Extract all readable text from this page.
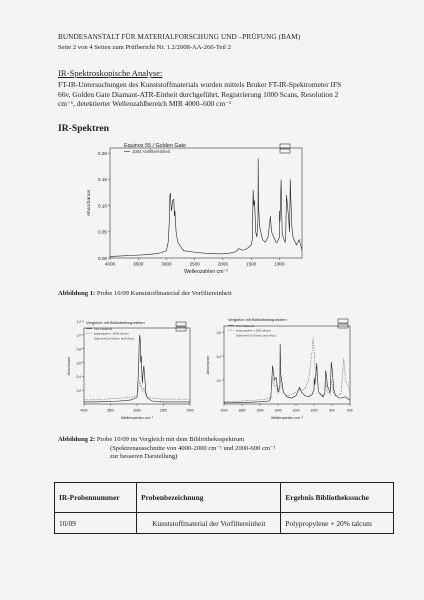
BUNDESANSTALT FÜR MATERIALFORSCHUNG UND –PRÜFUNG (BAM)
Seite 2 von 4 Seiten zum Prüfbericht Nr. 1.2/2008-AA-266-Teil 2
IR-Spektroskopische Analyse:
FT-IR-Untersuchungen des Kunststoffmaterials wurden mittels Bruker FT-IR-Spektrometer IFS 66v, Golden Gate Diamant-ATR-Einheit durchgeführt, Registrierung 1000 Scans, Resolution 2 cm⁻¹, detektierter Wellenzahlbereich MIR 4000–600 cm⁻¹
IR-Spektren
4000	3500	3000	2500	2000	1500	1000
0.00
0.05
0.10
0.15
0.20
Wellenzahlen cm⁻¹
Absorbance
Equinox 55 / Golden Gate
1004 Vorfiltereinheit
Abbildung 1: Probe 10/09 Kunststoffmaterial der Vorfiltereinheit
4000	3500	3000	2500	2000
1.2
1.0
0.8
0.6
0.4
0.2
Wellenzahlen cm⁻¹
Absorbance
Vergleich mit Bibliotheksspektren
Teil: Kollateral
polypropylen + 20% talcum
(Sammel-Lib./Kunst. and Verp.)
2000	1800	1600	1400	1200	1000	800	600
0.6
0.4
0.2
Wellenzahlen cm⁻¹
Absorbance
Vergleich mit Bibliotheksspektren
Teil: Kollateral
polypropylen + 20% talcum
(Sammel-Lib./Kunst. and Verp.)
Abbildung 2: Probe 10/09 im Vergleich mit dem Bibliotheksspektrum
(Spektrenausschnitte von 4000-2000 cm⁻¹ und 2000-600 cm⁻¹
zur besseren Darstellung)
IR-Probennummer	Probenbezeichnung	Ergebnis Bibliothekssuche
10/09	Kunststoffmaterial der Vorfiltereinheit	Polypropylene + 20% talcum
